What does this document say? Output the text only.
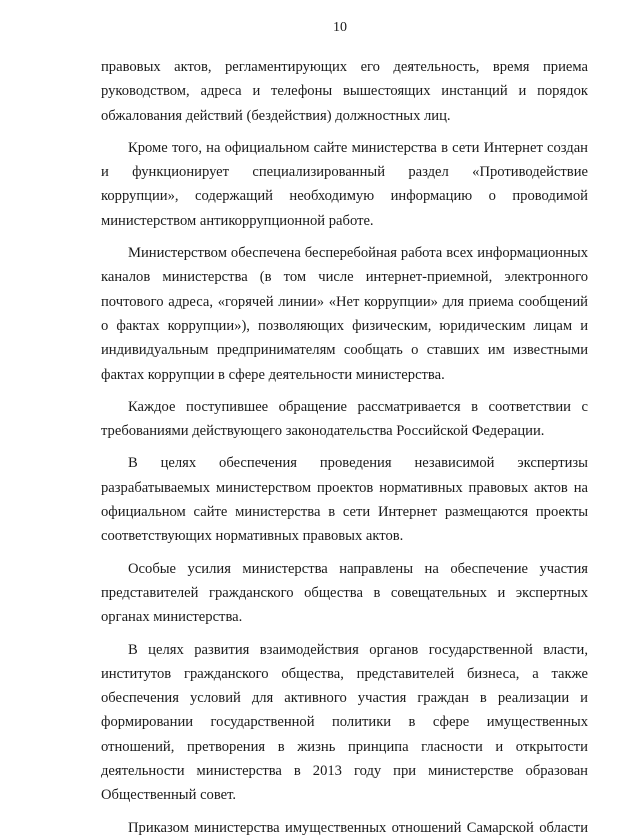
10

правовых актов, регламентирующих его деятельность, время приема руководством, адреса и телефоны вышестоящих инстанций и порядок обжалования действий (бездействия) должностных лиц.

Кроме того, на официальном сайте министерства в сети Интернет создан и функционирует специализированный раздел «Противодействие коррупции», содержащий необходимую информацию о проводимой министерством антикоррупционной работе.

Министерством обеспечена бесперебойная работа всех информационных каналов министерства (в том числе интернет-приемной, электронного почтового адреса, «горячей линии» «Нет коррупции» для приема сообщений о фактах коррупции»), позволяющих физическим, юридическим лицам и индивидуальным предпринимателям сообщать о ставших им известными фактах коррупции в сфере деятельности министерства.

Каждое поступившее обращение рассматривается в соответствии с требованиями действующего законодательства Российской Федерации.

В целях обеспечения проведения независимой экспертизы разрабатываемых министерством проектов нормативных правовых актов на официальном сайте министерства в сети Интернет размещаются проекты соответствующих нормативных правовых актов.

Особые усилия министерства направлены на обеспечение участия представителей гражданского общества в совещательных и экспертных органах министерства.

В целях развития взаимодействия органов государственной власти, институтов гражданского общества, представителей бизнеса, а также обеспечения условий для активного участия граждан в реализации и формировании государственной политики в сфере имущественных отношений, претворения в жизнь принципа гласности и открытости деятельности министерства в 2013 году при министерстве образован Общественный совет.

Приказом министерства имущественных отношений Самарской области
